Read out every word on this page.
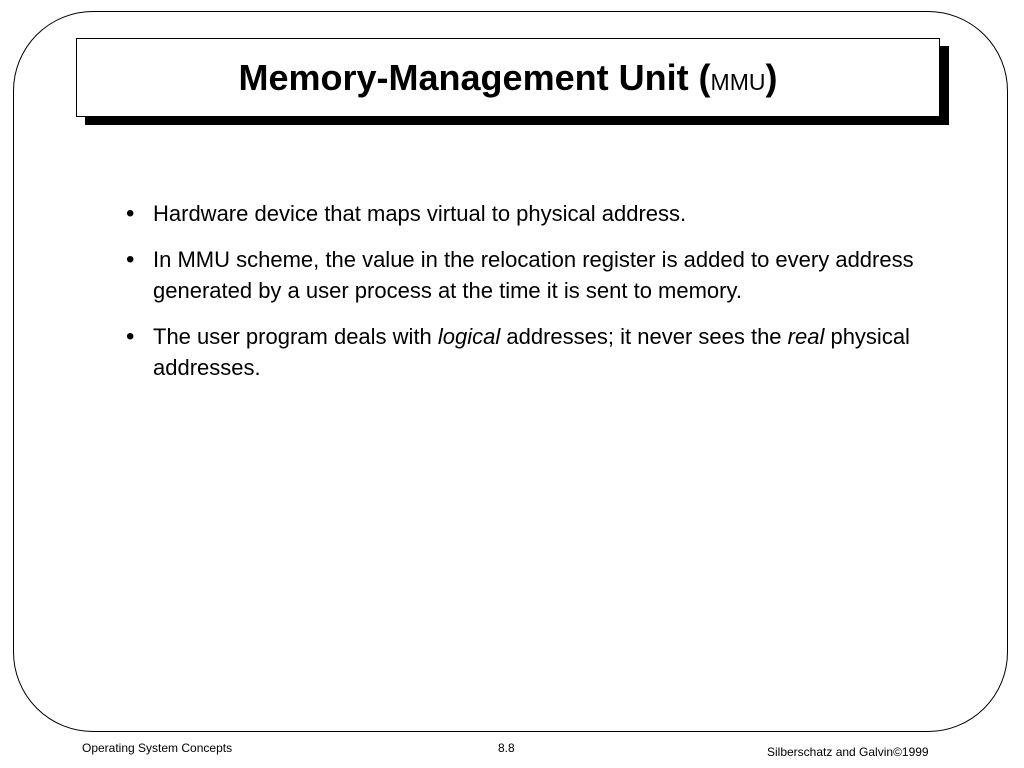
Memory-Management Unit (MMU)
• Hardware device that maps virtual to physical address.
• In MMU scheme, the value in the relocation register is added to every address generated by a user process at the time it is sent to memory.
• The user program deals with logical addresses; it never sees the real physical addresses.
Operating System Concepts	8.8	Silberschatz and Galvin©1999
